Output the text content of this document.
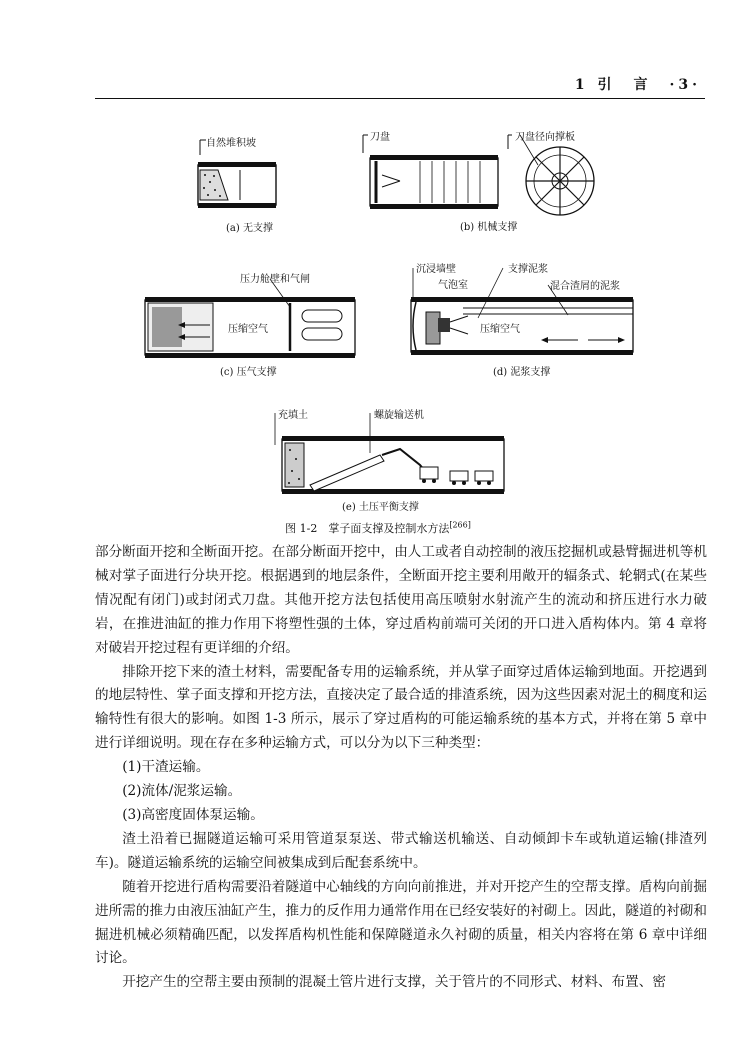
1 引　言　 ·3·
自然堆积坡
(a) 无支撑
刀盘	刀盘径向撑板
(b) 机械支撑
压力舱壁和气闸
压缩空气
(c) 压气支撑
沉浸墙壁
气泡室
支撑泥浆
混合渣屑的泥浆
压缩空气
(d) 泥浆支撑
充填土	螺旋输送机
(e) 土压平衡支撑
图 1-2　 掌子面支撑及控制水方法[266]

部分断面开挖和全断面开挖。在部分断面开挖中，由人工或者自动控制的液压挖掘机或悬臂掘进机等机械对掌子面进行分块开挖。根据遇到的地层条件，全断面开挖主要利用敞开的辐条式、轮辋式(在某些情况配有闭门)或封闭式刀盘。其他开挖方法包括使用高压喷射水射流产生的流动和挤压进行水力破岩，在推进油缸的推力作用下将塑性强的土体，穿过盾构前端可关闭的开口进入盾构体内。第 4 章将对破岩开挖过程有更详细的介绍。

排除开挖下来的渣土材料，需要配备专用的运输系统，并从掌子面穿过盾体运输到地面。开挖遇到的地层特性、掌子面支撑和开挖方法，直接决定了最合适的排渣系统，因为这些因素对泥土的稠度和运输特性有很大的影响。如图 1-3 所示，展示了穿过盾构的可能运输系统的基本方式，并将在第 5 章中进行详细说明。现在存在多种运输方式，可以分为以下三种类型：

(1)干渣运输。

(2)流体/泥浆运输。

(3)高密度固体泵运输。

渣土沿着已掘隧道运输可采用管道泵泵送、带式输送机输送、自动倾卸卡车或轨道运输(排渣列车)。隧道运输系统的运输空间被集成到后配套系统中。

随着开挖进行盾构需要沿着隧道中心轴线的方向向前推进，并对开挖产生的空帮支撑。盾构向前掘进所需的推力由液压油缸产生，推力的反作用力通常作用在已经安装好的衬砌上。因此，隧道的衬砌和掘进机械必须精确匹配，以发挥盾构机性能和保障隧道永久衬砌的质量，相关内容将在第 6 章中详细讨论。

开挖产生的空帮主要由预制的混凝土管片进行支撑，关于管片的不同形式、材料、布置、密
